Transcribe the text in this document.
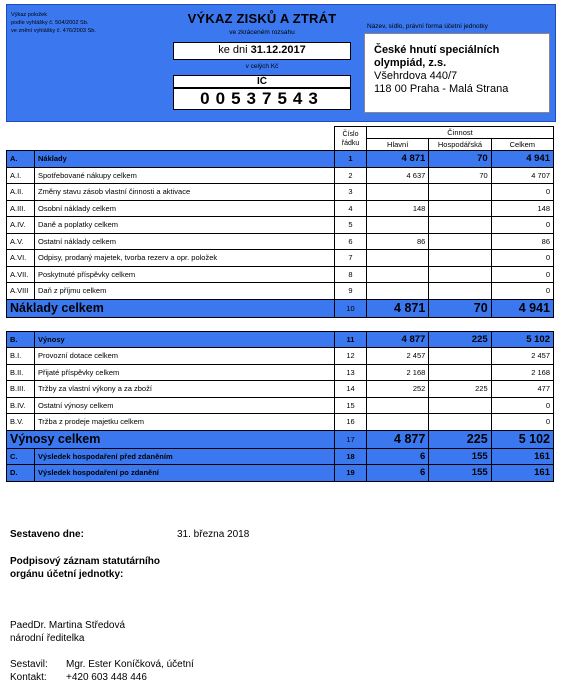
Výkaz položek
podle vyhlášky č. 504/2002 Sb.
ve znění vyhlášky č. 476/2003 Sb.
VÝKAZ ZISKŮ A ZTRÁT
ve zkráceném rozsahu
ke dni 31.12.2017
v celých Kč
IČ
00537543
Název, sídlo, právní forma účetní jednotky
České hnutí speciálních
olympiád, z.s.
Všehrdova 440/7
118 00 Praha - Malá Strana

		Číslo
řádku	Činnost		
			Hlavní	Hospodářská	Celkem
A.	Náklady	1	4 871	70	4 941
A.I.	Spotřebované nákupy celkem	2	4 637	70	4 707
A.II.	Změny stavu zásob vlastní činnosti a aktivace	3			0
A.III.	Osobní náklady celkem	4	148		148
A.IV.	Daně a poplatky celkem	5			0
A.V.	Ostatní náklady celkem	6	86		86
A.VI.	Odpisy, prodaný majetek, tvorba rezerv a opr. položek	7			0
A.VII.	Poskytnuté příspěvky celkem	8			0
A.VIII	Daň z příjmu celkem	9			0
Náklady celkem		10	4 871	70	4 941

B.	Výnosy	11	4 877	225	5 102
B.I.	Provozní dotace celkem	12	2 457		2 457
B.II.	Přijaté příspěvky celkem	13	2 168		2 168
B.III.	Tržby za vlastní výkony a za zboží	14	252	225	477
B.IV.	Ostatní výnosy celkem	15			0
B.V.	Tržba z prodeje majetku celkem	16			0
Výnosy celkem		17	4 877	225	5 102
C.	Výsledek hospodaření před zdaněním	18	6	155	161
D.	Výsledek hospodaření po zdanění	19	6	155	161
Sestaveno dne:	31. března 2018
Podpisový záznam statutárního
orgánu účetní jednotky:
PaedDr. Martina Středová
národní ředitelka
Sestavil: Mgr. Ester Koníčková, účetní
Kontakt: +420 603 448 446
